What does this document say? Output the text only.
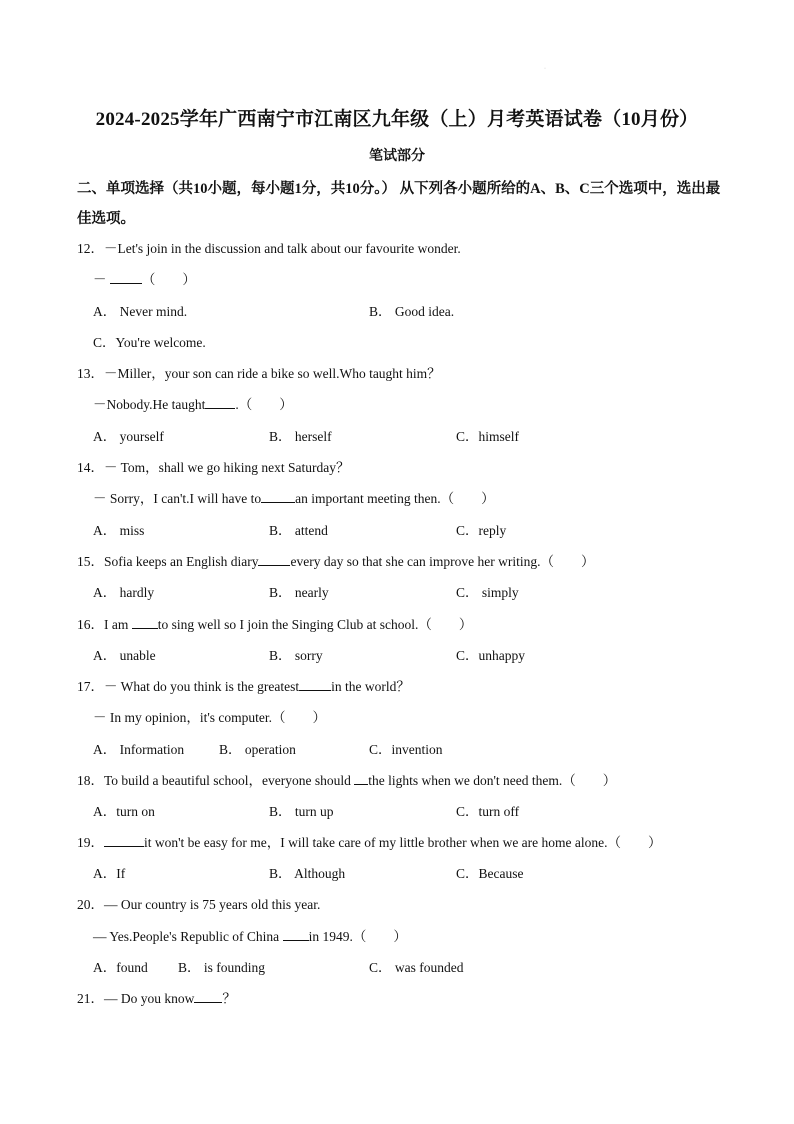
·
2024-2025学年广西南宁市江南区九年级（上）月考英语试卷（10月份）
笔试部分
二、单项选择（共10小题，每小题1分，共10分。） 从下列各小题所给的A、B、C三个选项中，选出最佳选项。
12．－Let's join in the discussion and talk about our favourite wonder.
－	（　　）
A． Never mind.	B． Good idea.
C．You're welcome.
13．－Miller，your son can ride a bike so well.Who taught him？
－Nobody.He taught .（　　）
A． yourself	B． herself	C．himself
14．－ Tom，shall we go hiking next Saturday？
－ Sorry，I can't.I will have to	an important meeting then.（　　）
A． miss	B． attend	C．reply
15．Sofia keeps an English diary every day so that she can improve her writing.（　　）
A． hardly	B． nearly	C． simply
16．I am to sing well so I join the Singing Club at school.（　　）
A． unable	B． sorry	C．unhappy
17．－ What do you think is the greatest in the world？
－ In my opinion，it's computer.（　　）
A． Information	B． operation	C．invention
18．To build a beautiful school，everyone should the lights when we don't need them.（　　）
A．turn on	B． turn up	C．turn off
19．	it won't be easy for me，I will take care of my little brother when we are home alone.（　　）
A．If	B． Although	C．Because
20．— Our country is 75 years old this year.
— Yes.People's Republic of China in 1949.（　　）
A．found B． is founding	C． was founded
21．— Do you know ？
